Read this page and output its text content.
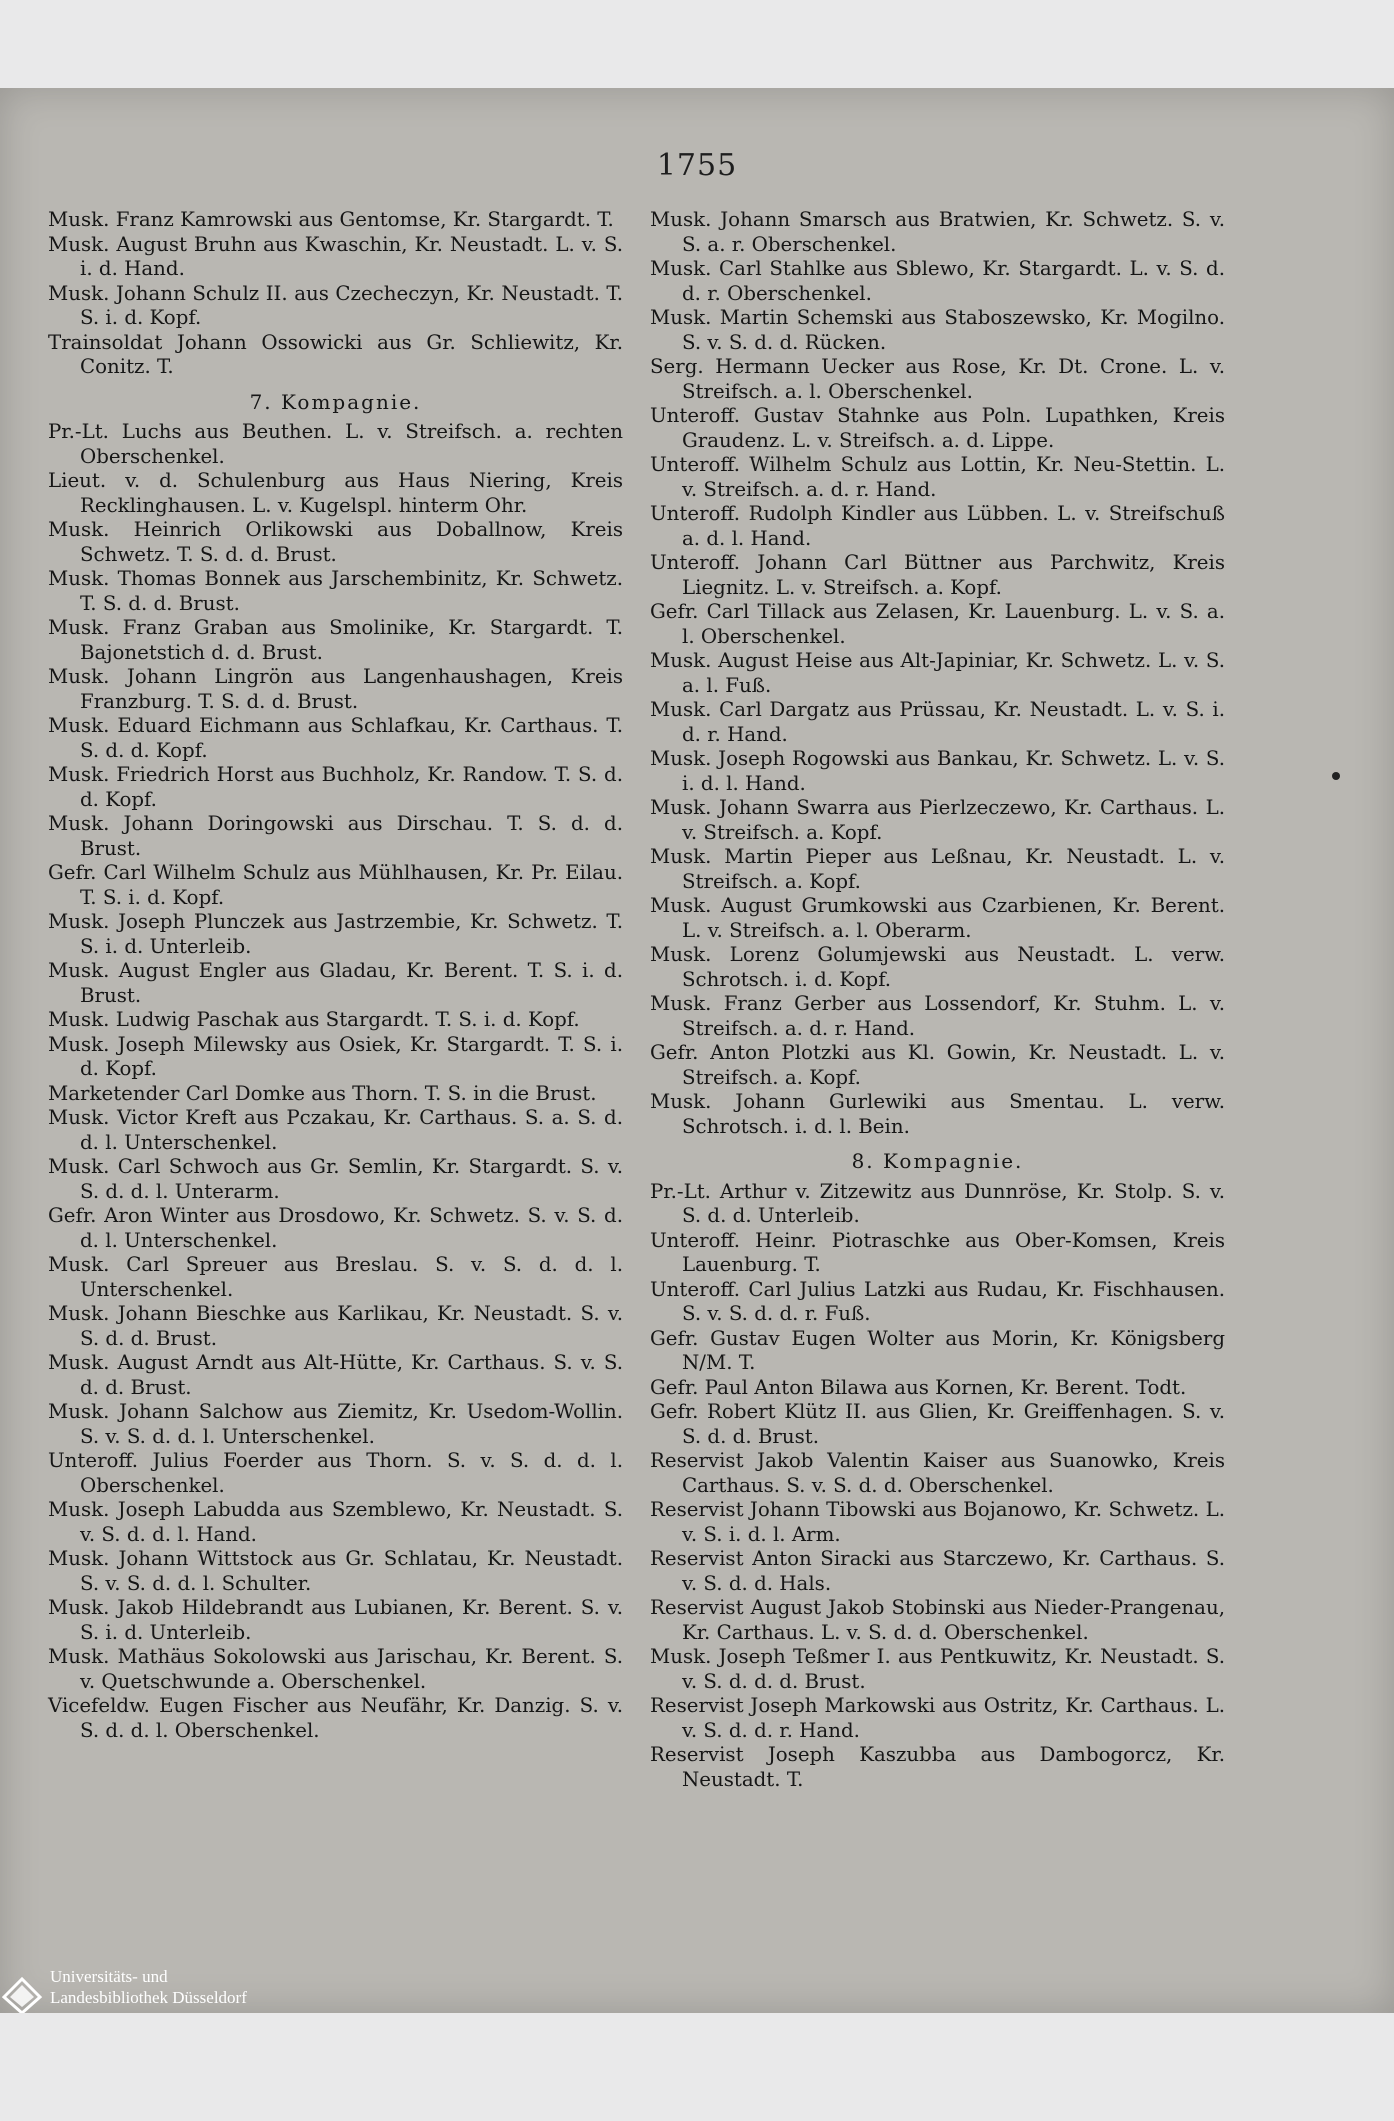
1755

Musk. Franz Kamrowski aus Gentomse, Kr. Stargardt. T.

Musk. August Bruhn aus Kwaschin, Kr. Neustadt. L. v. S. i. d. Hand.

Musk. Johann Schulz II. aus Czecheczyn, Kr. Neustadt. T. S. i. d. Kopf.

Trainsoldat Johann Ossowicki aus Gr. Schliewitz, Kr. Conitz. T.

7. Kompagnie.

Pr.-Lt. Luchs aus Beuthen. L. v. Streifsch. a. rechten Oberschenkel.

Lieut. v. d. Schulenburg aus Haus Niering, Kreis Recklinghausen. L. v. Kugelspl. hinterm Ohr.

Musk. Heinrich Orlikowski aus Doballnow, Kreis Schwetz. T. S. d. d. Brust.

Musk. Thomas Bonnek aus Jarschembinitz, Kr. Schwetz. T. S. d. d. Brust.

Musk. Franz Graban aus Smolinike, Kr. Stargardt. T. Bajonetstich d. d. Brust.

Musk. Johann Lingrön aus Langenhaushagen, Kreis Franzburg. T. S. d. d. Brust.

Musk. Eduard Eichmann aus Schlafkau, Kr. Carthaus. T. S. d. d. Kopf.

Musk. Friedrich Horst aus Buchholz, Kr. Randow. T. S. d. d. Kopf.

Musk. Johann Doringowski aus Dirschau. T. S. d. d. Brust.

Gefr. Carl Wilhelm Schulz aus Mühlhausen, Kr. Pr. Eilau. T. S. i. d. Kopf.

Musk. Joseph Plunczek aus Jastrzembie, Kr. Schwetz. T. S. i. d. Unterleib.

Musk. August Engler aus Gladau, Kr. Berent. T. S. i. d. Brust.

Musk. Ludwig Paschak aus Stargardt. T. S. i. d. Kopf.

Musk. Joseph Milewsky aus Osiek, Kr. Stargardt. T. S. i. d. Kopf.

Marketender Carl Domke aus Thorn. T. S. in die Brust.

Musk. Victor Kreft aus Pczakau, Kr. Carthaus. S. a. S. d. d. l. Unterschenkel.

Musk. Carl Schwoch aus Gr. Semlin, Kr. Stargardt. S. v. S. d. d. l. Unterarm.

Gefr. Aron Winter aus Drosdowo, Kr. Schwetz. S. v. S. d. d. l. Unterschenkel.

Musk. Carl Spreuer aus Breslau. S. v. S. d. d. l. Unterschenkel.

Musk. Johann Bieschke aus Karlikau, Kr. Neustadt. S. v. S. d. d. Brust.

Musk. August Arndt aus Alt-Hütte, Kr. Carthaus. S. v. S. d. d. Brust.

Musk. Johann Salchow aus Ziemitz, Kr. Usedom-Wollin. S. v. S. d. d. l. Unterschenkel.

Unteroff. Julius Foerder aus Thorn. S. v. S. d. d. l. Oberschenkel.

Musk. Joseph Labudda aus Szemblewo, Kr. Neustadt. S. v. S. d. d. l. Hand.

Musk. Johann Wittstock aus Gr. Schlatau, Kr. Neustadt. S. v. S. d. d. l. Schulter.

Musk. Jakob Hildebrandt aus Lubianen, Kr. Berent. S. v. S. i. d. Unterleib.

Musk. Mathäus Sokolowski aus Jarischau, Kr. Berent. S. v. Quetschwunde a. Oberschenkel.

Vicefeldw. Eugen Fischer aus Neufähr, Kr. Danzig. S. v. S. d. d. l. Oberschenkel.

Musk. Johann Smarsch aus Bratwien, Kr. Schwetz. S. v. S. a. r. Oberschenkel.

Musk. Carl Stahlke aus Sblewo, Kr. Stargardt. L. v. S. d. d. r. Oberschenkel.

Musk. Martin Schemski aus Staboszewsko, Kr. Mogilno. S. v. S. d. d. Rücken.

Serg. Hermann Uecker aus Rose, Kr. Dt. Crone. L. v. Streifsch. a. l. Oberschenkel.

Unteroff. Gustav Stahnke aus Poln. Lupathken, Kreis Graudenz. L. v. Streifsch. a. d. Lippe.

Unteroff. Wilhelm Schulz aus Lottin, Kr. Neu-Stettin. L. v. Streifsch. a. d. r. Hand.

Unteroff. Rudolph Kindler aus Lübben. L. v. Streifschuß a. d. l. Hand.

Unteroff. Johann Carl Büttner aus Parchwitz, Kreis Liegnitz. L. v. Streifsch. a. Kopf.

Gefr. Carl Tillack aus Zelasen, Kr. Lauenburg. L. v. S. a. l. Oberschenkel.

Musk. August Heise aus Alt-Japiniar, Kr. Schwetz. L. v. S. a. l. Fuß.

Musk. Carl Dargatz aus Prüssau, Kr. Neustadt. L. v. S. i. d. r. Hand.

Musk. Joseph Rogowski aus Bankau, Kr. Schwetz. L. v. S. i. d. l. Hand.

Musk. Johann Swarra aus Pierlzeczewo, Kr. Carthaus. L. v. Streifsch. a. Kopf.

Musk. Martin Pieper aus Leßnau, Kr. Neustadt. L. v. Streifsch. a. Kopf.

Musk. August Grumkowski aus Czarbienen, Kr. Berent. L. v. Streifsch. a. l. Oberarm.

Musk. Lorenz Golumjewski aus Neustadt. L. verw. Schrotsch. i. d. Kopf.

Musk. Franz Gerber aus Lossendorf, Kr. Stuhm. L. v. Streifsch. a. d. r. Hand.

Gefr. Anton Plotzki aus Kl. Gowin, Kr. Neustadt. L. v. Streifsch. a. Kopf.

Musk. Johann Gurlewiki aus Smentau. L. verw. Schrotsch. i. d. l. Bein.

8. Kompagnie.

Pr.-Lt. Arthur v. Zitzewitz aus Dunnröse, Kr. Stolp. S. v. S. d. d. Unterleib.

Unteroff. Heinr. Piotraschke aus Ober-Komsen, Kreis Lauenburg. T.

Unteroff. Carl Julius Latzki aus Rudau, Kr. Fischhausen. S. v. S. d. d. r. Fuß.

Gefr. Gustav Eugen Wolter aus Morin, Kr. Königsberg N/M. T.

Gefr. Paul Anton Bilawa aus Kornen, Kr. Berent. Todt.

Gefr. Robert Klütz II. aus Glien, Kr. Greiffenhagen. S. v. S. d. d. Brust.

Reservist Jakob Valentin Kaiser aus Suanowko, Kreis Carthaus. S. v. S. d. d. Oberschenkel.

Reservist Johann Tibowski aus Bojanowo, Kr. Schwetz. L. v. S. i. d. l. Arm.

Reservist Anton Siracki aus Starczewo, Kr. Carthaus. S. v. S. d. d. Hals.

Reservist August Jakob Stobinski aus Nieder-Prangenau, Kr. Carthaus. L. v. S. d. d. Oberschenkel.

Musk. Joseph Teßmer I. aus Pentkuwitz, Kr. Neustadt. S. v. S. d. d. d. Brust.

Reservist Joseph Markowski aus Ostritz, Kr. Carthaus. L. v. S. d. d. r. Hand.

Reservist Joseph Kaszubba aus Dambogorcz, Kr. Neustadt. T.

Universitäts- und
Landesbibliothek Düsseldorf
